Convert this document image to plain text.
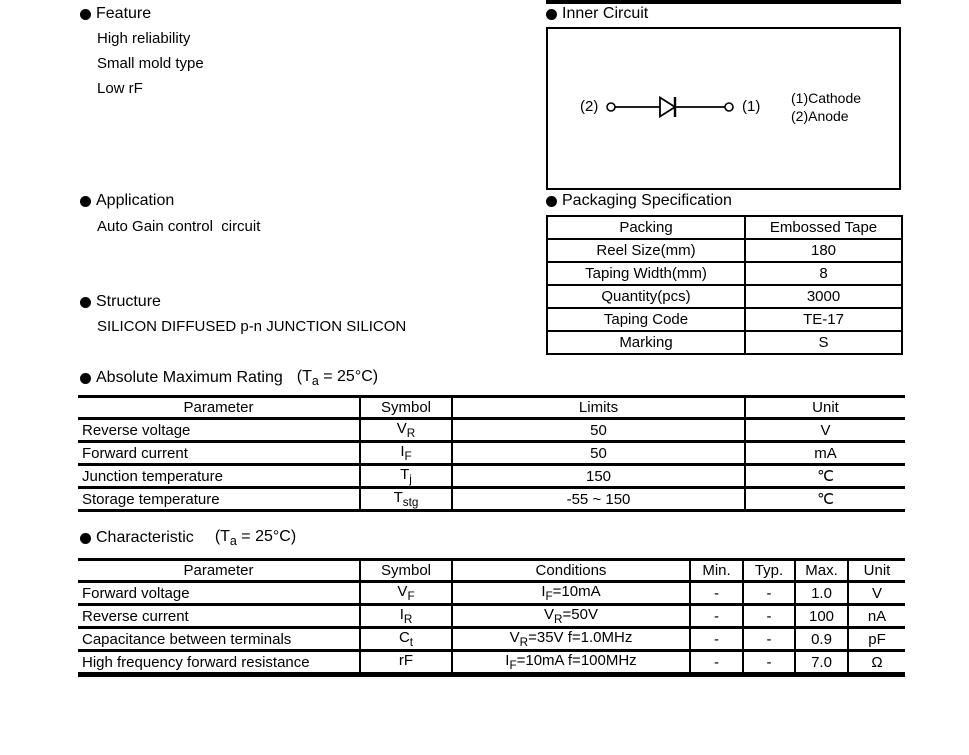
Feature
High reliability
Small mold type
Low rF
Inner Circuit
(2)	(1) (1)Cathode
(2)Anode
Application
Auto Gain control  circuit
Packaging Specification
Packing	Embossed Tape
Reel Size(mm)	180
Taping Width(mm)	8
Quantity(pcs)	3000
Taping Code	TE-17
Marking	S
Structure
SILICON DIFFUSED p-n JUNCTION SILICON
Absolute Maximum Rating $(T_a = 25^\circ C)$
Parameter	Symbol	Limits	Unit
Reverse voltage	$V_R$	50	V
Forward current	$I_F$	50	mA
Junction temperature	$T_j$	150	℃
Storage temperature	$T_{stg}$	-55 ~ 150	℃
Characteristic $(T_a = 25^\circ C)$
Parameter	Symbol	Conditions	Min.	Typ.	Max.	Unit
Forward voltage	$V_F$	$I_F=10mA$	-	-	1.0	V
Reverse current	$I_R$	$V_R=50V$	-	-	100	nA
Capacitance between terminals	$C_t$	$V_R=35V$ f=1.0MHz	-	-	0.9	pF
High frequency forward resistance	rF	$I_F=10mA$ f=100MHz	-	-	7.0	Ω
